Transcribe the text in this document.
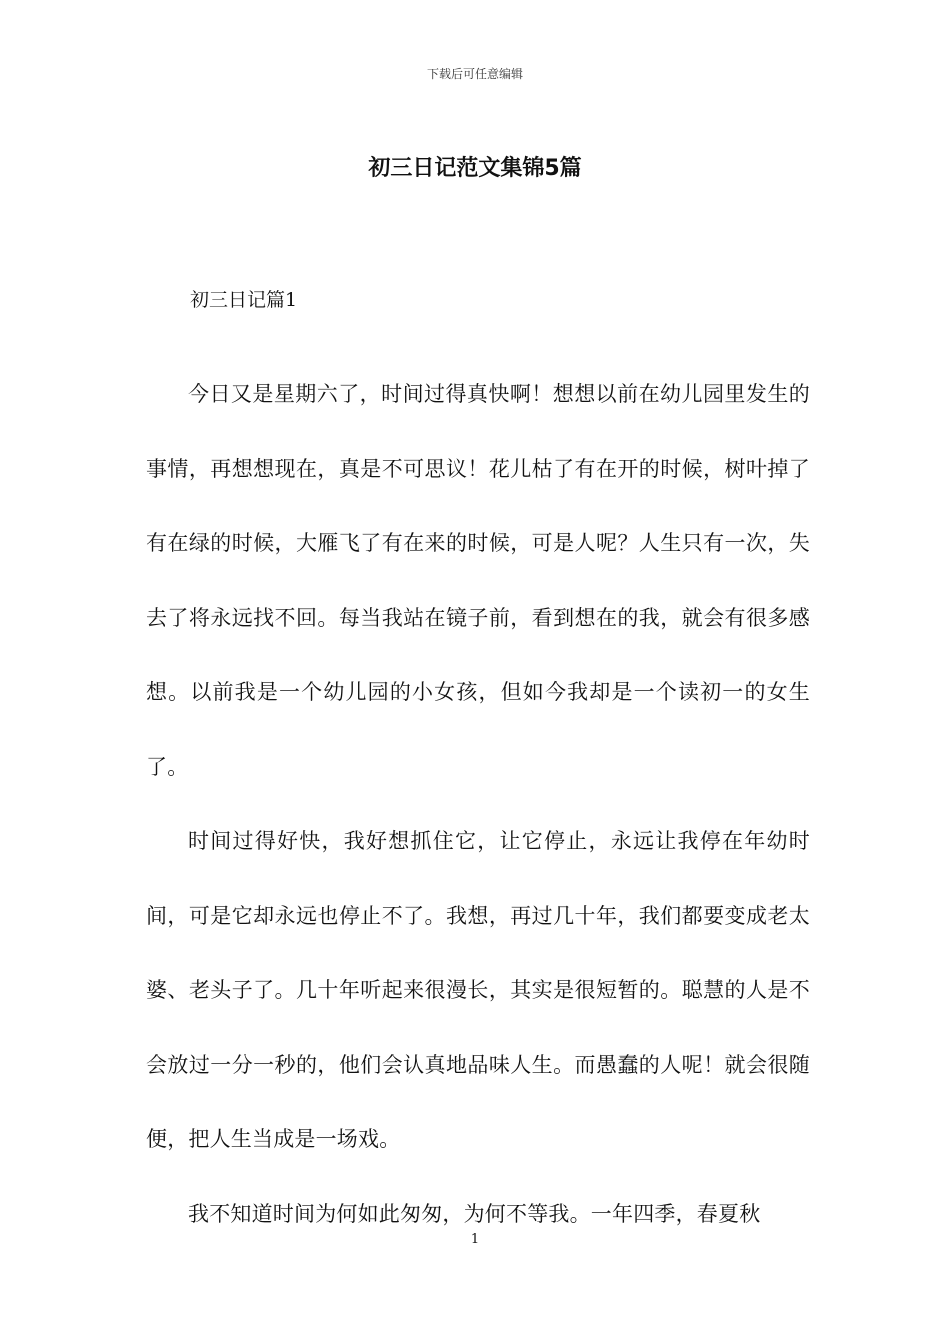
下载后可任意编辑
初三日记范文集锦5篇
初三日记篇1

今日又是星期六了，时间过得真快啊！想想以前在幼儿园里发生的事情，再想想现在，真是不可思议！花儿枯了有在开的时候，树叶掉了有在绿的时候，大雁飞了有在来的时候，可是人呢？人生只有一次，失去了将永远找不回。每当我站在镜子前，看到想在的我，就会有很多感想。以前我是一个幼儿园的小女孩，但如今我却是一个读初一的女生了。

时间过得好快，我好想抓住它，让它停止，永远让我停在年幼时间，可是它却永远也停止不了。我想，再过几十年，我们都要变成老太婆、老头子了。几十年听起来很漫长，其实是很短暂的。聪慧的人是不会放过一分一秒的，他们会认真地品味人生。而愚蠢的人呢！就会很随便，把人生当成是一场戏。

我不知道时间为何如此匆匆，为何不等我。一年四季，春夏秋

1
